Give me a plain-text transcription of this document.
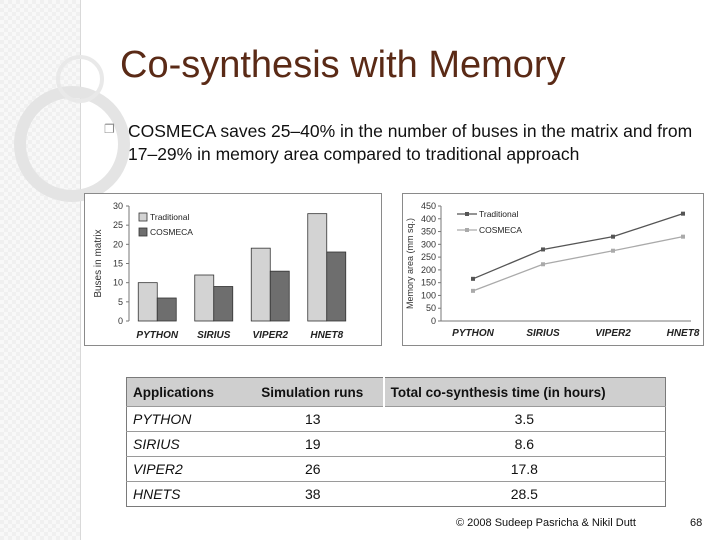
Co-synthesis with Memory
❐ COSMECA saves 25–40% in the number of buses in the matrix and from 17–29% in memory area compared to traditional approach
0
5
10
15
20
25
30
Buses in matrix
PYTHON SIRIUS VIPER2 HNET8
Traditional
COSMECA
0
50
100
150
200
250
300
350
400
450
Memory area (mm sq.)
PYTHON	SIRIUS	VIPER2	HNET8
Traditional
COSMECA
Applications	Simulation runs	Total co-synthesis time (in hours)
PYTHON	13	3.5
SIRIUS	19	8.6
VIPER2	26	17.8
HNETS	38	28.5
© 2008 Sudeep Pasricha & Nikil Dutt	68
